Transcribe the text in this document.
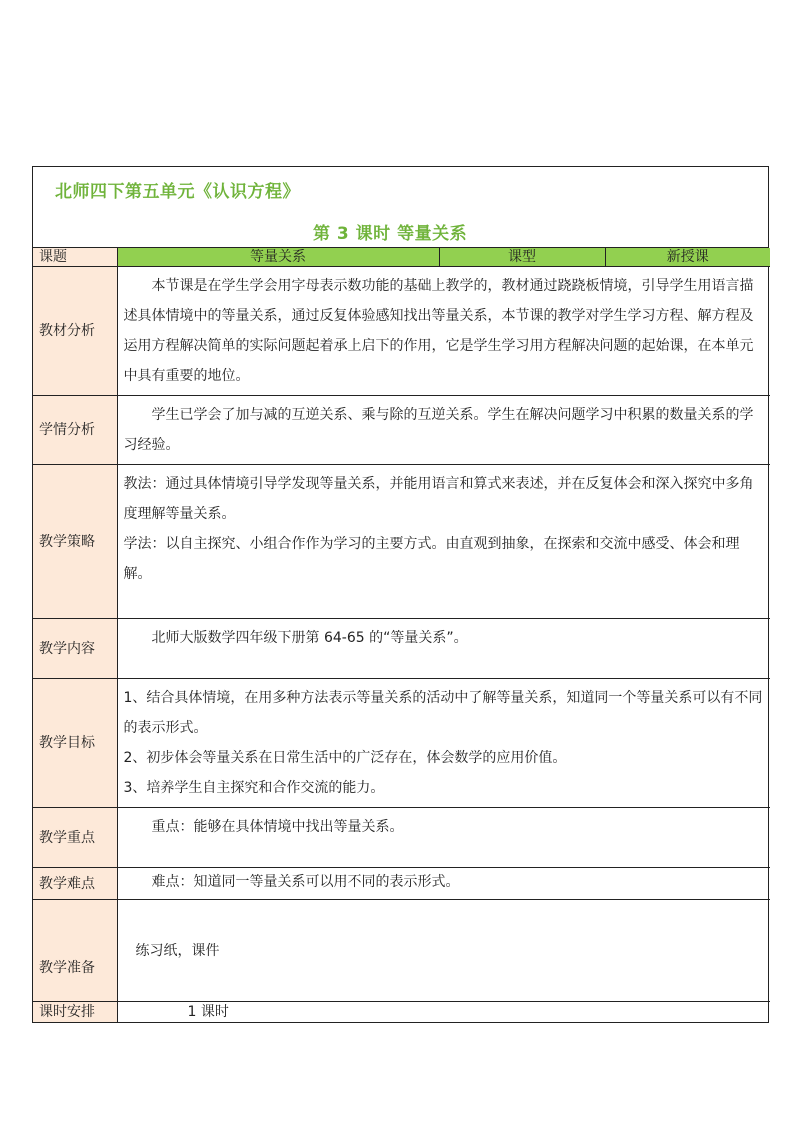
北师四下第五单元《认识方程》
第 3 课时 等量关系
课题	等量关系	课型	新授课
教材分析	本节课是在学生学会用字母表示数功能的基础上教学的，教材通过跷跷板情境，引导学生用语言描述具体情境中的等量关系，通过反复体验感知找出等量关系，本节课的教学对学生学习方程、解方程及运用方程解决简单的实际问题起着承上启下的作用，它是学生学习用方程解决问题的起始课，在本单元中具有重要的地位。		

学情分析	学生已学会了加与减的互逆关系、乘与除的互逆关系。学生在解决问题学习中积累的数量关系的学习经验。		

教学策略	教法：通过具体情境引导学发现等量关系，并能用语言和算式来表述，并在反复体会和深入探究中多角度理解等量关系。

学法：以自主探究、小组合作作为学习的主要方式。由直观到抽象，在探索和交流中感受、体会和理解。		

教学内容	北师大版数学四年级下册第 64-65 的“等量关系”。		

教学目标	1、结合具体情境，在用多种方法表示等量关系的活动中了解等量关系，知道同一个等量关系可以有不同的表示形式。

2、初步体会等量关系在日常生活中的广泛存在，体会数学的应用价值。

3、培养学生自主探究和合作交流的能力。		

教学重点	重点：能够在具体情境中找出等量关系。		

教学难点	难点：知道同一等量关系可以用不同的表示形式。		

教学准备	练习纸，课件		

课时安排	1 课时		
